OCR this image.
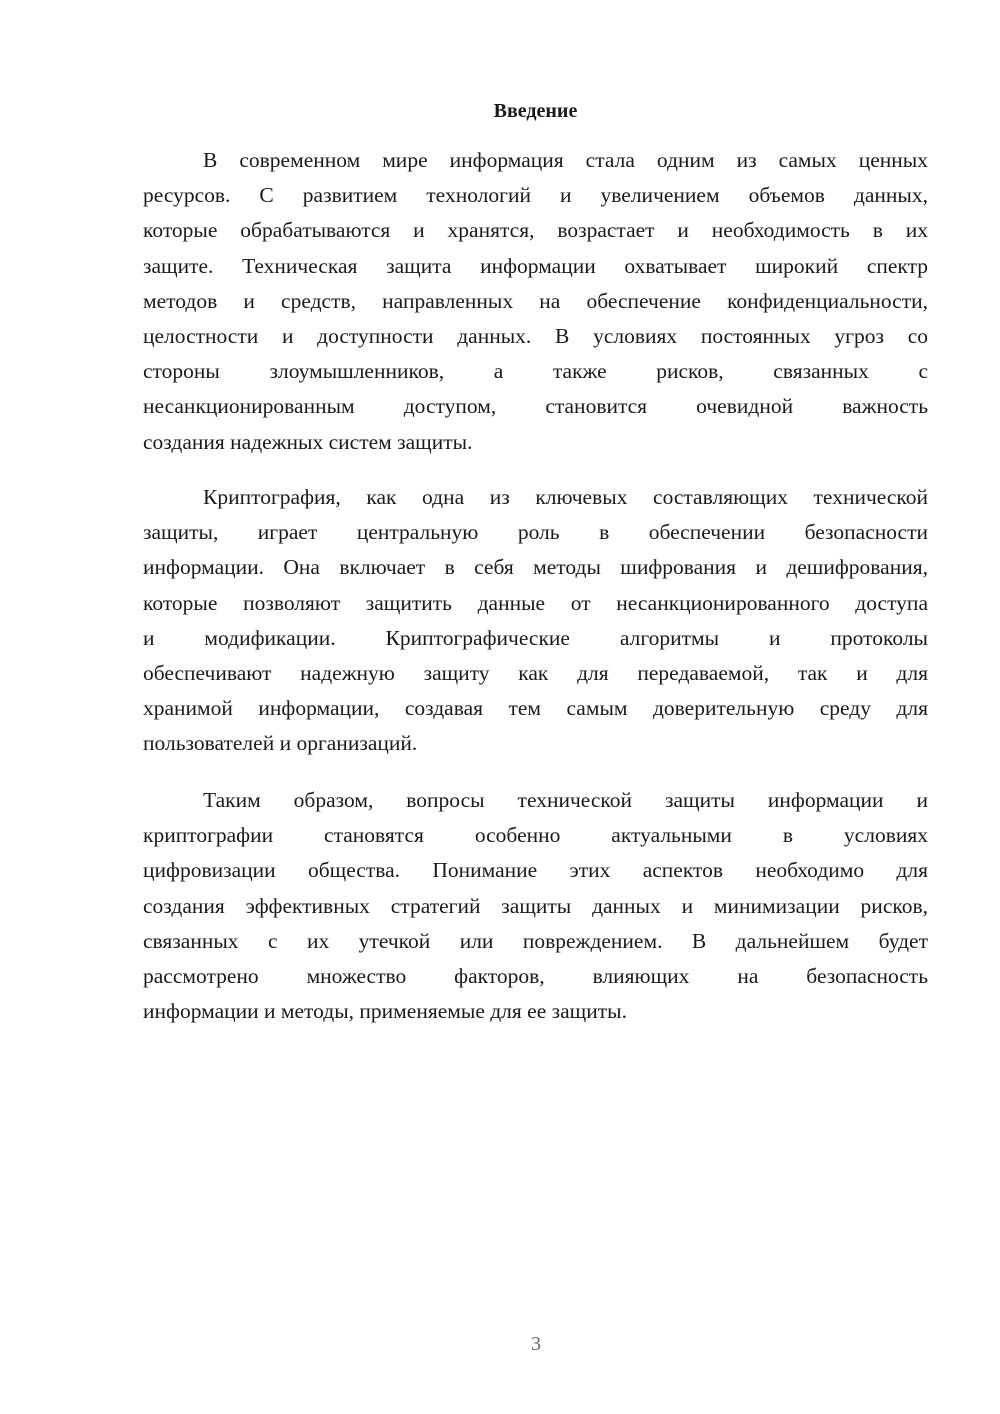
Введение
В современном мире информация стала одним из самых ценных
ресурсов. С развитием технологий и увеличением объемов данных,
которые обрабатываются и хранятся, возрастает и необходимость в их
защите. Техническая защита информации охватывает широкий спектр
методов и средств, направленных на обеспечение конфиденциальности,
целостности и доступности данных. В условиях постоянных угроз со
стороны злоумышленников, а также рисков, связанных с
несанкционированным доступом, становится очевидной важность
создания надежных систем защиты.
Криптография, как одна из ключевых составляющих технической
защиты, играет центральную роль в обеспечении безопасности
информации. Она включает в себя методы шифрования и дешифрования,
которые позволяют защитить данные от несанкционированного доступа
и модификации. Криптографические алгоритмы и протоколы
обеспечивают надежную защиту как для передаваемой, так и для
хранимой информации, создавая тем самым доверительную среду для
пользователей и организаций.
Таким образом, вопросы технической защиты информации и
криптографии становятся особенно актуальными в условиях
цифровизации общества. Понимание этих аспектов необходимо для
создания эффективных стратегий защиты данных и минимизации рисков,
связанных с их утечкой или повреждением. В дальнейшем будет
рассмотрено множество факторов, влияющих на безопасность
информации и методы, применяемые для ее защиты.
3
